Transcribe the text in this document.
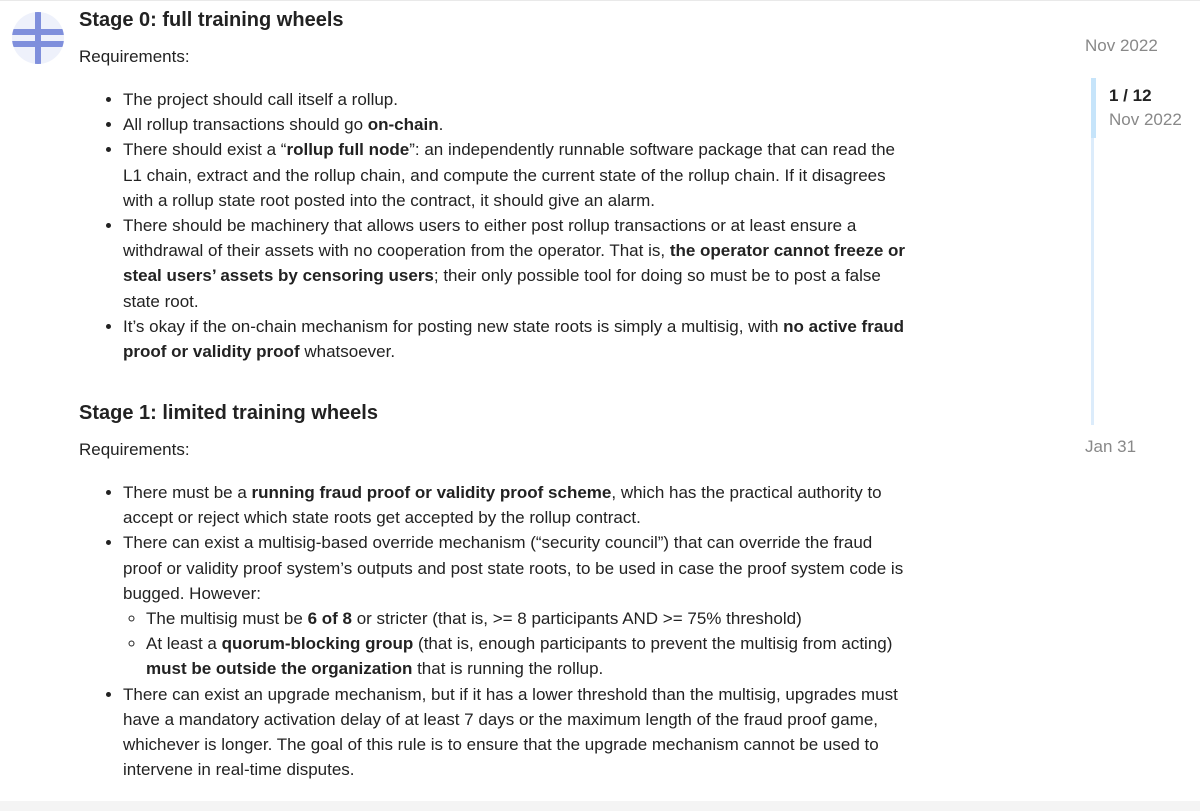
Stage 0: full training wheels
Requirements:
• The project should call itself a rollup.
• All rollup transactions should go on-chain.
• There should exist a “rollup full node”: an independently runnable software package that can read the L1 chain, extract and the rollup chain, and compute the current state of the rollup chain. If it disagrees with a rollup state root posted into the contract, it should give an alarm.
• There should be machinery that allows users to either post rollup transactions or at least ensure a withdrawal of their assets with no cooperation from the operator. That is, the operator cannot freeze or steal users’ assets by censoring users; their only possible tool for doing so must be to post a false state root.
• It’s okay if the on-chain mechanism for posting new state roots is simply a multisig, with no active fraud proof or validity proof whatsoever.
Stage 1: limited training wheels
Requirements:
• There must be a running fraud proof or validity proof scheme, which has the practical authority to accept or reject which state roots get accepted by the rollup contract.
• There can exist a multisig-based override mechanism (“security council”) that can override the fraud proof or validity proof system’s outputs and post state roots, to be used in case the proof system code is bugged. However:
◦ The multisig must be 6 of 8 or stricter (that is, >= 8 participants AND >= 75% threshold)
◦ At least a quorum-blocking group (that is, enough participants to prevent the multisig from acting) must be outside the organization that is running the rollup.
• There can exist an upgrade mechanism, but if it has a lower threshold than the multisig, upgrades must have a mandatory activation delay of at least 7 days or the maximum length of the fraud proof game, whichever is longer. The goal of this rule is to ensure that the upgrade mechanism cannot be used to intervene in real-time disputes.
Nov 2022
1 / 12
Nov 2022
Jan 31
